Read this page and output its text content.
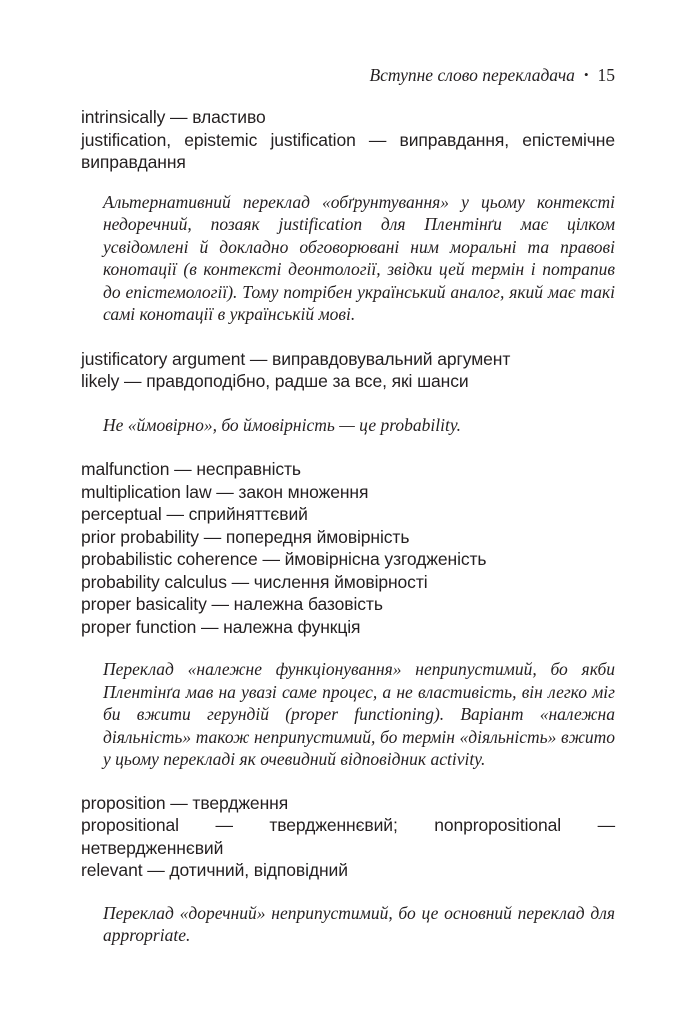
Вступне слово перекладача • 15
intrinsically — властиво
justification, epistemic justification — виправдання, епістемічне виправдання
Альтернативний переклад «обґрунтування» у цьому контексті недоречний, позаяк justification для Плентінґи має цілком усвідомлені й докладно обговорювані ним моральні та правові конотації (в контексті деонтології, звідки цей термін і потрапив до епістемології). Тому потрібен український аналог, який має такі самі конотації в українській мові.
justificatory argument — виправдовувальний аргумент
likely — правдоподібно, радше за все, які шанси
Не «ймовірно», бо ймовірність — це probability.
malfunction — несправність
multiplication law — закон множення
perceptual — сприйняттєвий
prior probability — попередня ймовірність
probabilistic coherence — ймовірнісна узгодженість
probability calculus — числення ймовірності
proper basicality — належна базовість
proper function — належна функція
Переклад «належне функціонування» неприпустимий, бо якби Плентінґа мав на увазі саме процес, а не властивість, він легко міг би вжити герундій (proper functioning). Варіант «належна діяльність» також неприпустимий, бо термін «діяльність» вжито у цьому перекладі як очевидний відповідник activity.
proposition — твердження
propositional — твердженнєвий; nonpropositional — нетвердженнєвий
relevant — дотичний, відповідний
Переклад «доречний» неприпустимий, бо це основний переклад для appropriate.
